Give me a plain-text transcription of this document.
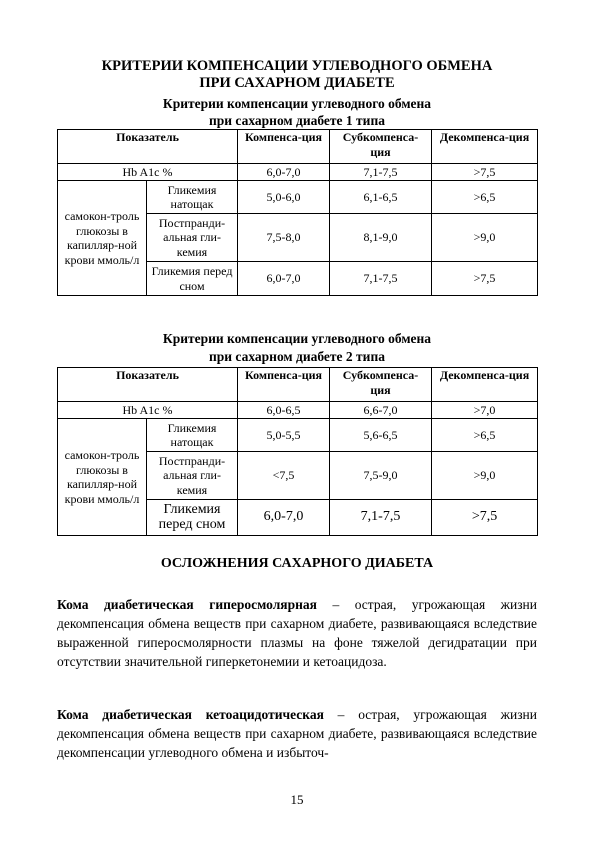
КРИТЕРИИ КОМПЕНСАЦИИ УГЛЕВОДНОГО ОБМЕНА
ПРИ САХАРНОМ ДИАБЕТЕ
Критерии компенсации углеводного обмена
при сахарном диабете 1 типа
Показатель		Компенса-ция	Субкомпенса-ция	Декомпенса-ция
Hb A1c %		6,0-7,0	7,1-7,5	>7,5
самокон-троль глюкозы в капилляр-ной крови ммоль/л	Гликемия натощак	5,0-6,0	6,1-6,5	>6,5
	Постпранди-альная гли-кемия	7,5-8,0	8,1-9,0	>9,0
	Гликемия перед сном	6,0-7,0	7,1-7,5	>7,5
Критерии компенсации углеводного обмена
при сахарном диабете 2 типа
Показатель		Компенса-ция	Субкомпенса-ция	Декомпенса-ция
Hb A1c %		6,0-6,5	6,6-7,0	>7,0
самокон-троль глюкозы в капилляр-ной крови ммоль/л	Гликемия натощак	5,0-5,5	5,6-6,5	>6,5
	Постпранди-альная гли-кемия	<7,5	7,5-9,0	>9,0
	Гликемия перед сном	6,0-7,0	7,1-7,5	>7,5
ОСЛОЖНЕНИЯ САХАРНОГО ДИАБЕТА
Кома диабетическая гиперосмолярная – острая, угрожающая жизни декомпенсация обмена веществ при сахарном диабете, развивающаяся вследствие выраженной гиперосмолярности плазмы на фоне тяжелой дегидратации при отсутствии значительной гиперкетонемии и кетоацидоза.
Кома диабетическая кетоацидотическая – острая, угрожающая жизни декомпенсация обмена веществ при сахарном диабете, развивающаяся вследствие декомпенсации углеводного обмена и избыточ-
15
